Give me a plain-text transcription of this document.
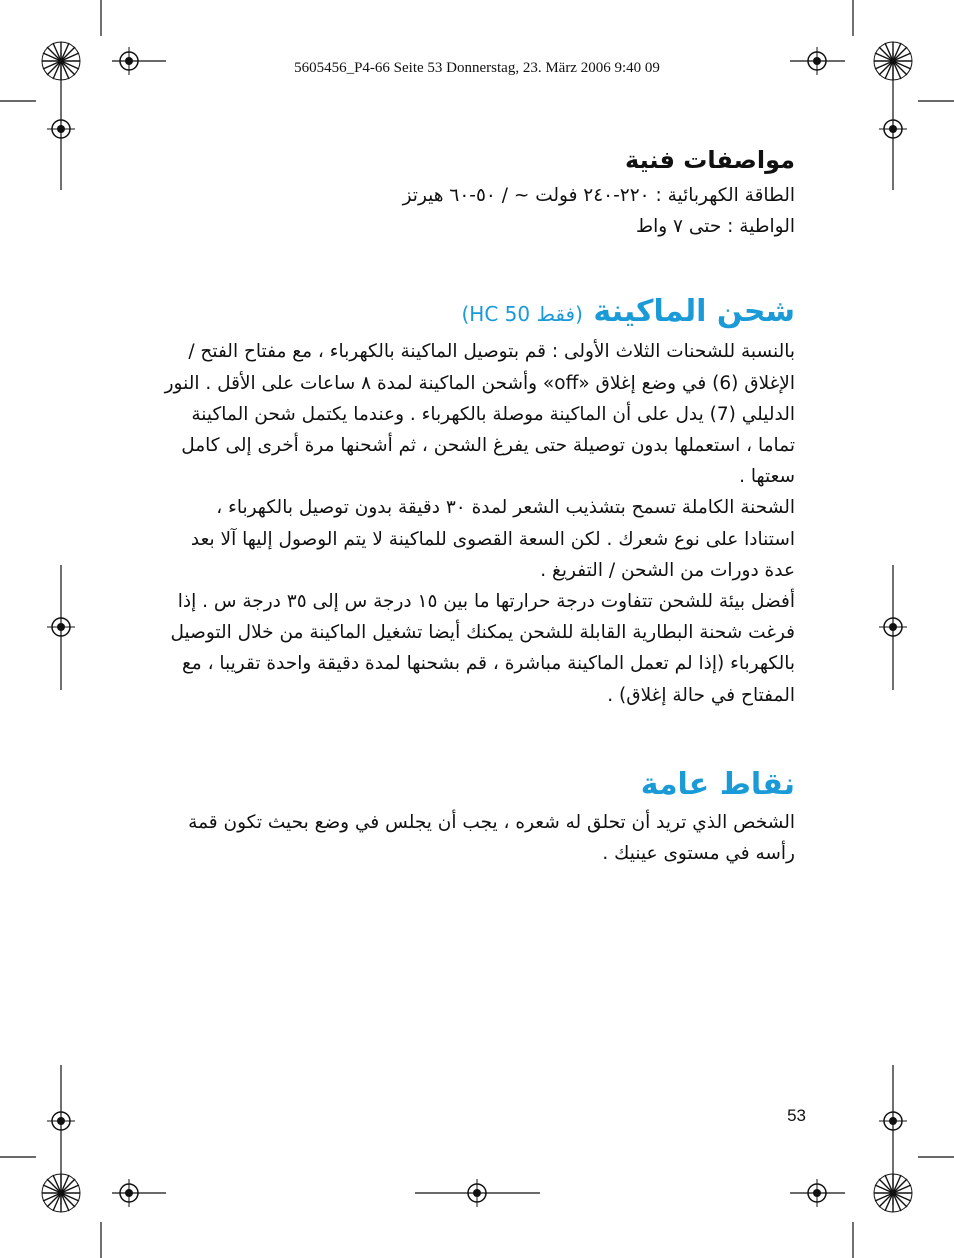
5605456_P4-66 Seite 53 Donnerstag, 23. März 2006 9:40 09
مواصفات فنية

الطاقة الكهربائية : ٢٢٠-٢٤٠ فولت ~ / ٥٠-٦٠ هيرتز

الواطية : حتى ٧ واط

شحن الماكينة (فقط HC 50)

بالنسبة للشحنات الثلاث الأولى : قم بتوصيل الماكينة بالكهرباء ، مع مفتاح الفتح / الإغلاق (6) في وضع إغلاق «off» وأشحن الماكينة لمدة ٨ ساعات على الأقل . النور الدليلي (7) يدل على أن الماكينة موصلة بالكهرباء . وعندما يكتمل شحن الماكينة تماما ، استعملها بدون توصيلة حتى يفرغ الشحن ، ثم أشحنها مرة أخرى إلى كامل سعتها .

الشحنة الكاملة تسمح بتشذيب الشعر لمدة ٣٠ دقيقة بدون توصيل بالكهرباء ، استنادا على نوع شعرك . لكن السعة القصوى للماكينة لا يتم الوصول إليها آلا بعد عدة دورات من الشحن / التفريغ .

أفضل بيئة للشحن تتفاوت درجة حرارتها ما بين ١٥ درجة س إلى ٣٥ درجة س . إذا فرغت شحنة البطارية القابلة للشحن يمكنك أيضا تشغيل الماكينة من خلال التوصيل بالكهرباء (إذا لم تعمل الماكينة مباشرة ، قم بشحنها لمدة دقيقة واحدة تقريبا ، مع المفتاح في حالة إغلاق) .

نقاط عامة

الشخص الذي تريد أن تحلق له شعره ، يجب أن يجلس في وضع بحيث تكون قمة رأسه في مستوى عينيك .

53
